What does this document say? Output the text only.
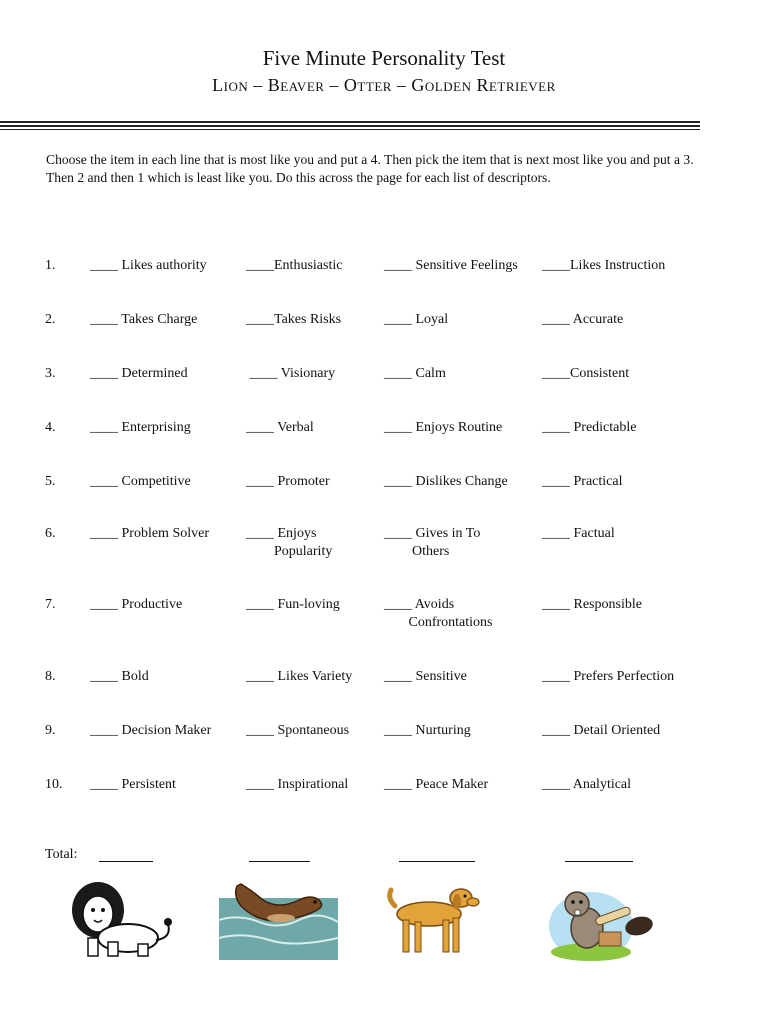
Five Minute Personality Test
Lion – Beaver – Otter – Golden Retriever
Choose the item in each line that is most like you and put a 4. Then pick the item that is next most like you and put a 3. Then 2 and then 1 which is least like you. Do this across the page for each list of descriptors.
1. ____ Likes authority	____Enthusiastic	____ Sensitive Feelings ____Likes Instruction
2. ____ Takes Charge	____Takes Risks	____ Loyal	____ Accurate
3. ____ Determined	____ Visionary	____ Calm	____Consistent
4. ____ Enterprising	____ Verbal	____ Enjoys Routine	____ Predictable
5. ____ Competitive	____ Promoter	____ Dislikes Change ____ Practical
6. ____ Problem Solver	____ Enjoys
Popularity
____ Gives in To
Others
____ Factual
7. ____ Productive	____ Fun-loving	____ Avoids
Confrontations
____ Responsible
8. ____ Bold	____ Likes Variety ____ Sensitive	____ Prefers Perfection
9. ____ Decision Maker ____ Spontaneous ____ Nurturing	____ Detail Oriented
10. ____ Persistent	____ Inspirational	____ Peace Maker	____ Analytical
Total:
